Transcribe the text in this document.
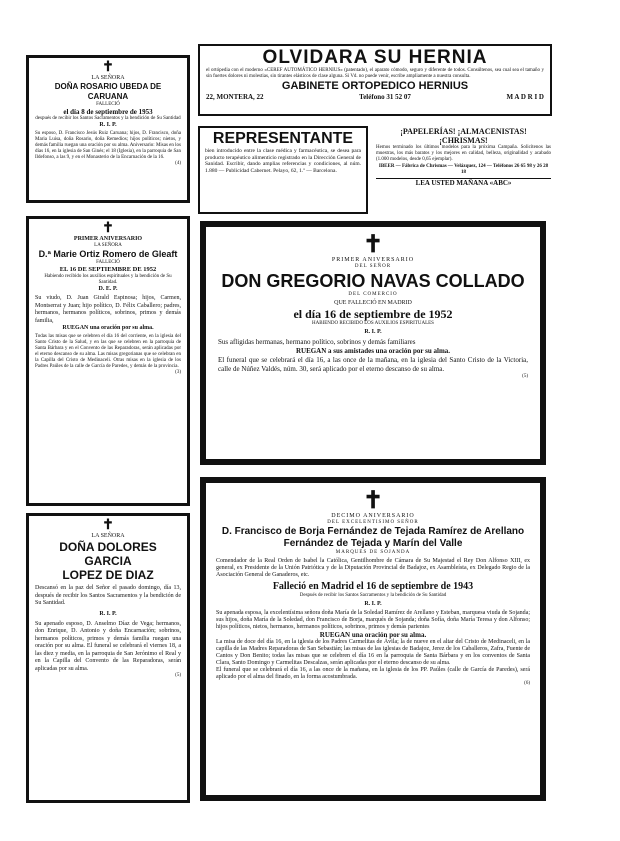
✝

LA SEÑORA

DOÑA ROSARIO UBEDA DE CARUANA

FALLECIÓ

el día 8 de septiembre de 1953

después de recibir los Santos Sacramentos y la bendición de Su Santidad

R. I. P.

Su esposo, D. Francisco Jesús Ruiz Caruana; hijos, D. Francisco, doña Maria Luisa, doña Rosario, doña Remedios; hijos políticos; nietos, y demás familia ruegan una oración por su alma. Aniversario: Misas en los días 16, en la iglesia de San Ginés; el 18 (Iglesia), en la parroquia de San Ildefonso, a las 9, y en el Monasterio de la Encarnación de la 16.

(4)

OLVIDARA SU HERNIA

el ortópedia con el moderno «CEREF AUTOMÁTICO HERNIUS» (patentado), el aparato cómodo, seguro y diferente de todos. Consúltenos, sea cual sea el tamaño y sin fuertes dolores ni molestias, sin tirantes elásticos de clase alguna. Si Vd. no puede venir, escribe ampliamente a nuestra consulta.

GABINETE ORTOPEDICO HERNIUS

22, MONTERA, 22	Teléfono 31 52 07	M A D R I D

REPRESENTANTE

bien introducido entre la clase médica y farmacéutica, se desea para producto terapéutico alimenticio registrado en la Dirección General de Sanidad. Escribir, dando amplias referencias y condiciones, al núm. 1.880 — Publicidad Cabernet. Pelayo, 62, 1.º — Barcelona.

¡PAPELERÍAS! ¡ALMACENISTAS! ¡CHRISMAS!

Hemos terminado los últimos modelos para la próxima Campaña. Solicítenos las muestras, los más baratos y los mejores en calidad, belleza, originalidad y acabado (1.000 modelos, desde 0,65 ejemplar).

IBEER — Fábrica de Chrismas — Velázquez, 124 — Teléfonos 26 65 98 y 26 28 18

LEA USTED MAÑANA «ABC»

✝

PRIMER ANIVERSARIO

LA SEÑORA

D.ª Marie Ortiz Romero de Gleaft

FALLECIÓ

EL 16 DE SEPTIEMBRE DE 1952

Habiendo recibido los auxilios espirituales y la bendición de Su Santidad.

D. E. P.

Su viudo, D. Juan Girald Espinosa; hijos, Carmen, Montserrat y Juan; hijo político, D. Félix Caballero; padres, hermanos, hermanos políticos, sobrinos, primos y demás familia,

RUEGAN una oración por su alma.

Todas las misas que se celebren el día 16 del corriente, en la iglesia del Santo Cristo de la Salud, y en las que se celebren en la parroquia de Santa Bárbara y en el Convento de las Reparadoras, serán aplicadas por el eterno descanso de su alma. Las misas gregorianas que se celebran en la Capilla del Cristo de Medinaceli. Otras misas en la iglesia de los Padres Paúles de la calle de García de Paredes, y demás de la provincia.

(3)

✝

LA SEÑORA

DOÑA DOLORES GARCIA

LOPEZ DE DIAZ

Descansó en la paz del Señor el pasado domingo, día 13, después de recibir los Santos Sacramentos y la bendición de Su Santidad.

R. I. P.

Su apenado esposo, D. Anselmo Díaz de Vega; hermanos, don Enrique, D. Antonio y doña Encarnación; sobrinos, hermanos políticos, primos y demás familia ruegan una oración por su alma. El funeral se celebrará el viernes 18, a las diez y media, en la parroquia de San Jerónimo el Real y en la Capilla del Convento de las Reparadoras, serán aplicadas por su alma.

(5)

✝

PRIMER ANIVERSARIO

DEL SEÑOR

DON GREGORIO NAVAS COLLADO

DEL COMERCIO

QUE FALLECIÓ EN MADRID

el día 16 de septiembre de 1952

HABIENDO RECIBIDO LOS AUXILIOS ESPIRITUALES

R. I. P.

Sus afligidas hermanas, hermano político, sobrinos y demás familiares

RUEGAN a sus amistades una oración por su alma.

El funeral que se celebrará el día 16, a las once de la mañana, en la iglesia del Santo Cristo de la Victoria, calle de Núñez Valdés, núm. 30, será aplicado por el eterno descanso de su alma.

(5)

✝

DECIMO ANIVERSARIO

DEL EXCELENTISIMO SEÑOR

D. Francisco de Borja Fernández de Tejada Ramírez de Arellano

Fernández de Tejada y Marín del Valle

MARQUES DE SOJANDA

Comendador de la Real Orden de Isabel la Católica, Gentilhombre de Cámara de Su Majestad el Rey Don Alfonso XIII, ex general, ex Presidente de la Unión Patriótica y de la Diputación Provincial de Badajoz, ex Asambleísta, ex Delegado Regio de la Asociación General de Ganaderos, etc.

Falleció en Madrid el 16 de septiembre de 1943

Después de recibir los Santos Sacramentos y la bendición de Su Santidad

R. I. P.

Su apenada esposa, la excelentísima señora doña María de la Soledad Ramírez de Arellano y Esteban, marquesa viuda de Sojanda; sus hijos, doña María de la Soledad, don Francisco de Borja, marqués de Sojanda; doña Sofía, doña María Teresa y don Alfonso; hijos políticos, nietos, hermanos, hermanos políticos, sobrinos, primos y demás parientes

RUEGAN una oración por su alma.

La misa de doce del día 16, en la iglesia de los Padres Carmelitas de Ávila; la de nueve en el altar del Cristo de Medinaceli, en la capilla de las Madres Reparadoras de San Sebastián; las misas de las iglesias de Badajoz, Jerez de los Caballeros, Zafra, Fuente de Cantos y Don Benito; todas las misas que se celebren el día 16 en la parroquia de Santa Bárbara y en los conventos de Santa Clara, Santo Domingo y Carmelitas Descalzas, serán aplicadas por el eterno descanso de su alma.

El funeral que se celebrará el día 16, a las once de la mañana, en la iglesia de los PP. Paúles (calle de García de Paredes), será aplicado por el alma del finado, en la forma acostumbrada.

(6)
